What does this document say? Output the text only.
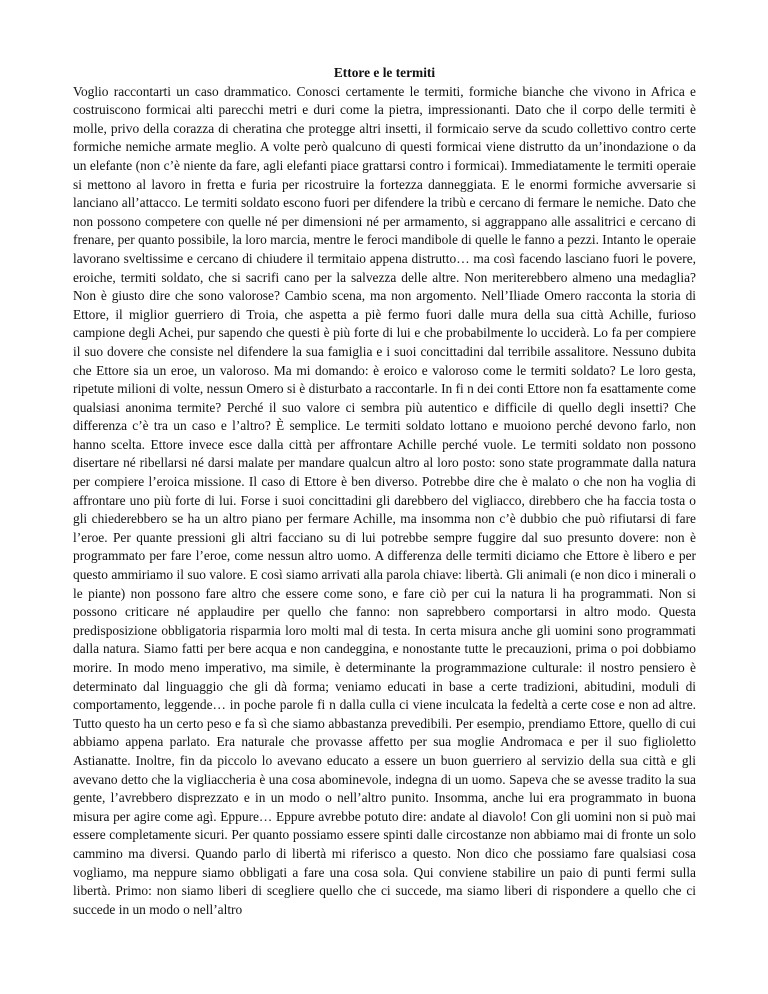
Ettore e le termiti

Voglio raccontarti un caso drammatico. Conosci certamente le termiti, formiche bianche che vivono in Africa e costruiscono formicai alti parecchi metri e duri come la pietra, impressionanti. Dato che il corpo delle termiti è molle, privo della corazza di cheratina che protegge altri insetti, il formicaio serve da scudo collettivo contro certe formiche nemiche armate meglio. A volte però qualcuno di questi formicai viene distrutto da un’inondazione o da un elefante (non c’è niente da fare, agli elefanti piace grattarsi contro i formicai). Immediatamente le termiti operaie si mettono al lavoro in fretta e furia per ricostruire la fortezza danneggiata. E le enormi formiche avversarie si lanciano all’attacco. Le termiti soldato escono fuori per difendere la tribù e cercano di fermare le nemiche. Dato che non possono competere con quelle né per dimensioni né per armamento, si aggrappano alle assalitrici e cercano di frenare, per quanto possibile, la loro marcia, mentre le feroci mandibole di quelle le fanno a pezzi. Intanto le operaie lavorano sveltissime e cercano di chiudere il termitaio appena distrutto… ma così facendo lasciano fuori le povere, eroiche, termiti soldato, che si sacrifi cano per la salvezza delle altre. Non meriterebbero almeno una medaglia? Non è giusto dire che sono valorose? Cambio scena, ma non argomento. Nell’Iliade Omero racconta la storia di Ettore, il miglior guerriero di Troia, che aspetta a piè fermo fuori dalle mura della sua città Achille, furioso campione degli Achei, pur sapendo che questi è più forte di lui e che probabilmente lo ucciderà. Lo fa per compiere il suo dovere che consiste nel difendere la sua famiglia e i suoi concittadini dal terribile assalitore. Nessuno dubita che Ettore sia un eroe, un valoroso. Ma mi domando: è eroico e valoroso come le termiti soldato? Le loro gesta, ripetute milioni di volte, nessun Omero si è disturbato a raccontarle. In fi n dei conti Ettore non fa esattamente come qualsiasi anonima termite? Perché il suo valore ci sembra più autentico e difficile di quello degli insetti? Che differenza c’è tra un caso e l’altro? È semplice. Le termiti soldato lottano e muoiono perché devono farlo, non hanno scelta. Ettore invece esce dalla città per affrontare Achille perché vuole. Le termiti soldato non possono disertare né ribellarsi né darsi malate per mandare qualcun altro al loro posto: sono state programmate dalla natura per compiere l’eroica missione. Il caso di Ettore è ben diverso. Potrebbe dire che è malato o che non ha voglia di affrontare uno più forte di lui. Forse i suoi concittadini gli darebbero del vigliacco, direbbero che ha faccia tosta o gli chiederebbero se ha un altro piano per fermare Achille, ma insomma non c’è dubbio che può rifiutarsi di fare l’eroe. Per quante pressioni gli altri facciano su di lui potrebbe sempre fuggire dal suo presunto dovere: non è programmato per fare l’eroe, come nessun altro uomo. A differenza delle termiti diciamo che Ettore è libero e per questo ammiriamo il suo valore. E così siamo arrivati alla parola chiave: libertà. Gli animali (e non dico i minerali o le piante) non possono fare altro che essere come sono, e fare ciò per cui la natura li ha programmati. Non si possono criticare né applaudire per quello che fanno: non saprebbero comportarsi in altro modo. Questa predisposizione obbligatoria risparmia loro molti mal di testa. In certa misura anche gli uomini sono programmati dalla natura. Siamo fatti per bere acqua e non candeggina, e nonostante tutte le precauzioni, prima o poi dobbiamo morire. In modo meno imperativo, ma simile, è determinante la programmazione culturale: il nostro pensiero è determinato dal linguaggio che gli dà forma; veniamo educati in base a certe tradizioni, abitudini, moduli di comportamento, leggende… in poche parole fi n dalla culla ci viene inculcata la fedeltà a certe cose e non ad altre. Tutto questo ha un certo peso e fa sì che siamo abbastanza prevedibili. Per esempio, prendiamo Ettore, quello di cui abbiamo appena parlato. Era naturale che provasse affetto per sua moglie Andromaca e per il suo figlioletto Astianatte. Inoltre, fin da piccolo lo avevano educato a essere un buon guerriero al servizio della sua città e gli avevano detto che la vigliaccheria è una cosa abominevole, indegna di un uomo. Sapeva che se avesse tradito la sua gente, l’avrebbero disprezzato e in un modo o nell’altro punito. Insomma, anche lui era programmato in buona misura per agire come agì. Eppure… Eppure avrebbe potuto dire: andate al diavolo! Con gli uomini non si può mai essere completamente sicuri. Per quanto possiamo essere spinti dalle circostanze non abbiamo mai di fronte un solo cammino ma diversi. Quando parlo di libertà mi riferisco a questo. Non dico che possiamo fare qualsiasi cosa vogliamo, ma neppure siamo obbligati a fare una cosa sola. Qui conviene stabilire un paio di punti fermi sulla libertà. Primo: non siamo liberi di scegliere quello che ci succede, ma siamo liberi di rispondere a quello che ci succede in un modo o nell’altro
